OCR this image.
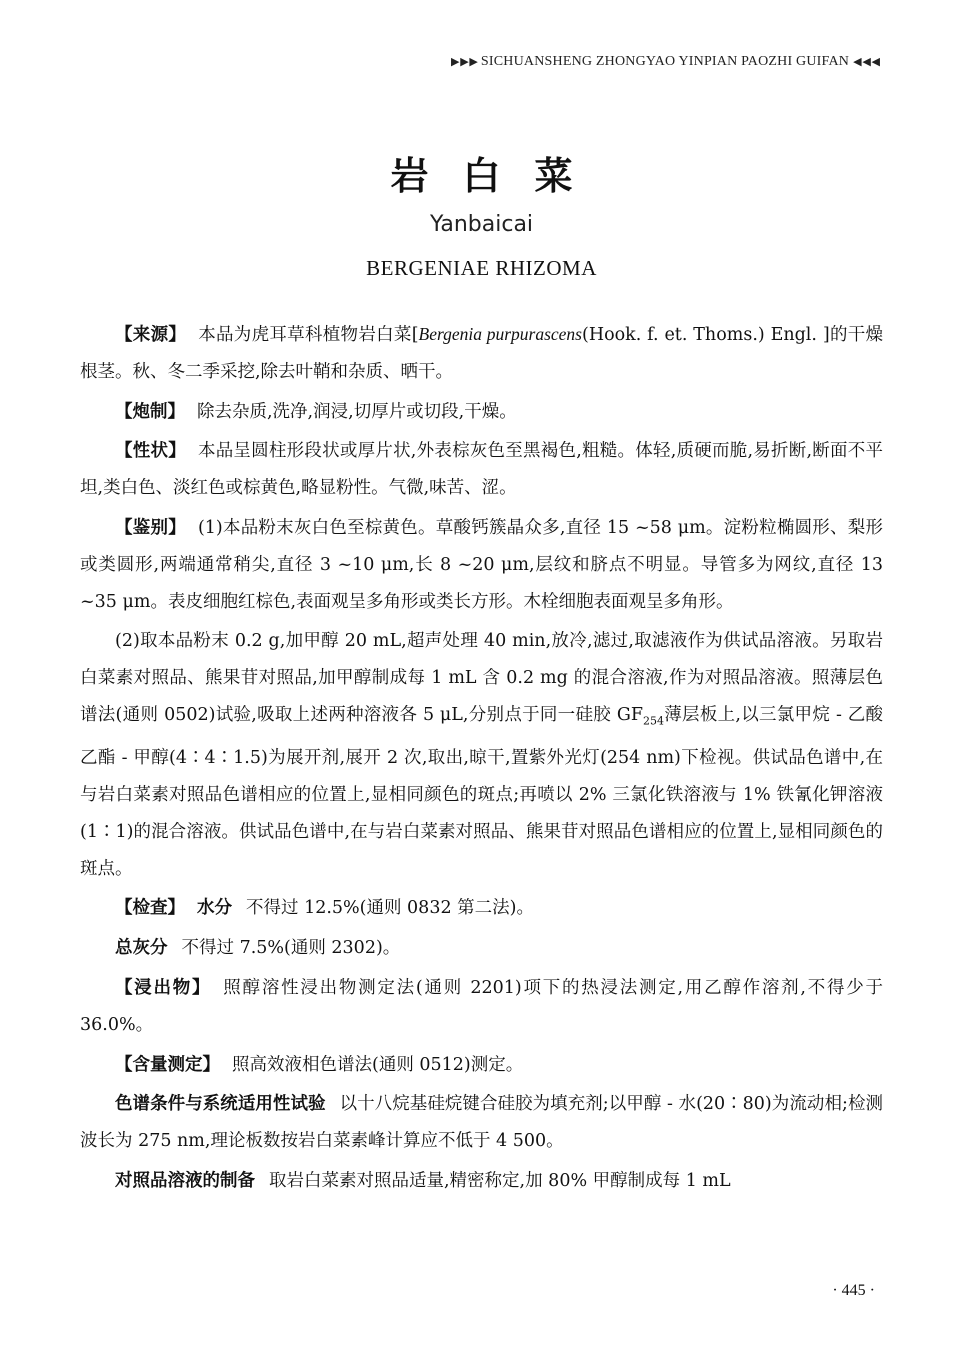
▶ ▶ ▶ SICHUANSHENG ZHONGYAO YINPIAN PAOZHI GUIFAN ◀ ◀ ◀
岩白菜
Yanbaicai
BERGENIAE RHIZOMA

【来源】 本品为虎耳草科植物岩白菜[Bergenia purpurascens(Hook. f. et. Thoms.) Engl. ]的干燥根茎。秋、冬二季采挖,除去叶鞘和杂质、晒干。

【炮制】 除去杂质,洗净,润浸,切厚片或切段,干燥。

【性状】 本品呈圆柱形段状或厚片状,外表棕灰色至黑褐色,粗糙。体轻,质硬而脆,易折断,断面不平坦,类白色、淡红色或棕黄色,略显粉性。气微,味苦、涩。

【鉴别】 (1)本品粉末灰白色至棕黄色。草酸钙簇晶众多,直径 15 ~58 μm。淀粉粒椭圆形、梨形或类圆形,两端通常稍尖,直径 3 ~10 μm,长 8 ~20 μm,层纹和脐点不明显。导管多为网纹,直径 13 ~35 μm。表皮细胞红棕色,表面观呈多角形或类长方形。木栓细胞表面观呈多角形。

(2)取本品粉末 0.2 g,加甲醇 20 mL,超声处理 40 min,放冷,滤过,取滤液作为供试品溶液。另取岩白菜素对照品、熊果苷对照品,加甲醇制成每 1 mL 含 0.2 mg 的混合溶液,作为对照品溶液。照薄层色谱法(通则 0502)试验,吸取上述两种溶液各 5 μL,分别点于同一硅胶 $GF_{254}$薄层板上,以三氯甲烷 - 乙酸乙酯 - 甲醇(4∶4∶1.5)为展开剂,展开 2 次,取出,晾干,置紫外光灯(254 nm)下检视。供试品色谱中,在与岩白菜素对照品色谱相应的位置上,显相同颜色的斑点;再喷以 2% 三氯化铁溶液与 1% 铁氰化钾溶液(1∶1)的混合溶液。供试品色谱中,在与岩白菜素对照品、熊果苷对照品色谱相应的位置上,显相同颜色的斑点。

【检查】 水分 不得过 12.5%(通则 0832 第二法)。

总灰分 不得过 7.5%(通则 2302)。

【浸出物】 照醇溶性浸出物测定法(通则 2201)项下的热浸法测定,用乙醇作溶剂,不得少于 36.0%。

【含量测定】 照高效液相色谱法(通则 0512)测定。

色谱条件与系统适用性试验 以十八烷基硅烷键合硅胶为填充剂;以甲醇 - 水(20∶80)为流动相;检测波长为 275 nm,理论板数按岩白菜素峰计算应不低于 4 500。

对照品溶液的制备 取岩白菜素对照品适量,精密称定,加 80% 甲醇制成每 1 mL

· 445 ·
